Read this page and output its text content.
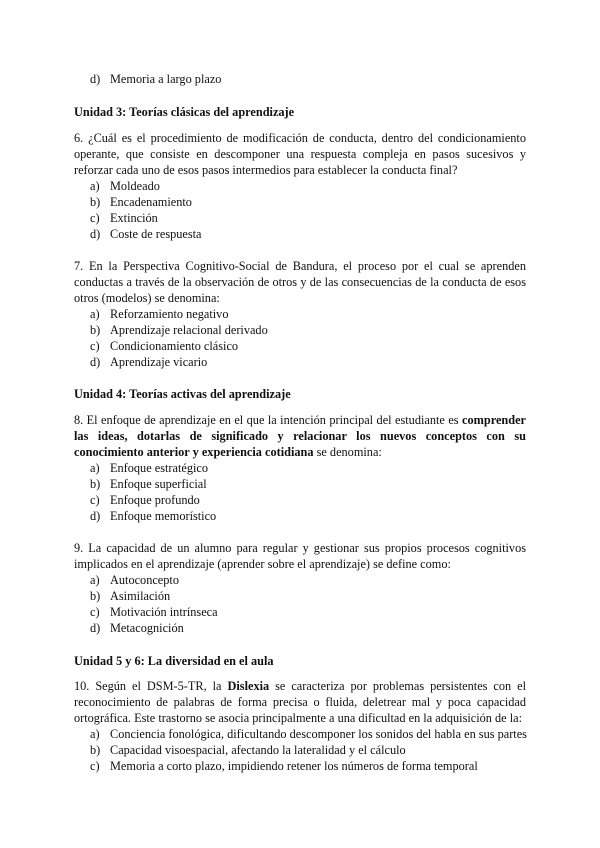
d) Memoria a largo plazo
Unidad 3: Teorías clásicas del aprendizaje
6. ¿Cuál es el procedimiento de modificación de conducta, dentro del condicionamiento operante, que consiste en descomponer una respuesta compleja en pasos sucesivos y reforzar cada uno de esos pasos intermedios para establecer la conducta final?
a) Moldeado
b) Encadenamiento
c) Extinción
d) Coste de respuesta
7. En la Perspectiva Cognitivo-Social de Bandura, el proceso por el cual se aprenden conductas a través de la observación de otros y de las consecuencias de la conducta de esos otros (modelos) se denomina:
a) Reforzamiento negativo
b) Aprendizaje relacional derivado
c) Condicionamiento clásico
d) Aprendizaje vicario
Unidad 4: Teorías activas del aprendizaje
8. El enfoque de aprendizaje en el que la intención principal del estudiante es comprender las ideas, dotarlas de significado y relacionar los nuevos conceptos con su conocimiento anterior y experiencia cotidiana se denomina:
a) Enfoque estratégico
b) Enfoque superficial
c) Enfoque profundo
d) Enfoque memorístico
9. La capacidad de un alumno para regular y gestionar sus propios procesos cognitivos implicados en el aprendizaje (aprender sobre el aprendizaje) se define como:
a) Autoconcepto
b) Asimilación
c) Motivación intrínseca
d) Metacognición
Unidad 5 y 6: La diversidad en el aula
10. Según el DSM-5-TR, la Dislexia se caracteriza por problemas persistentes con el reconocimiento de palabras de forma precisa o fluida, deletrear mal y poca capacidad ortográfica. Este trastorno se asocia principalmente a una dificultad en la adquisición de la:
a) Conciencia fonológica, dificultando descomponer los sonidos del habla en sus partes
b) Capacidad visoespacial, afectando la lateralidad y el cálculo
c) Memoria a corto plazo, impidiendo retener los números de forma temporal
